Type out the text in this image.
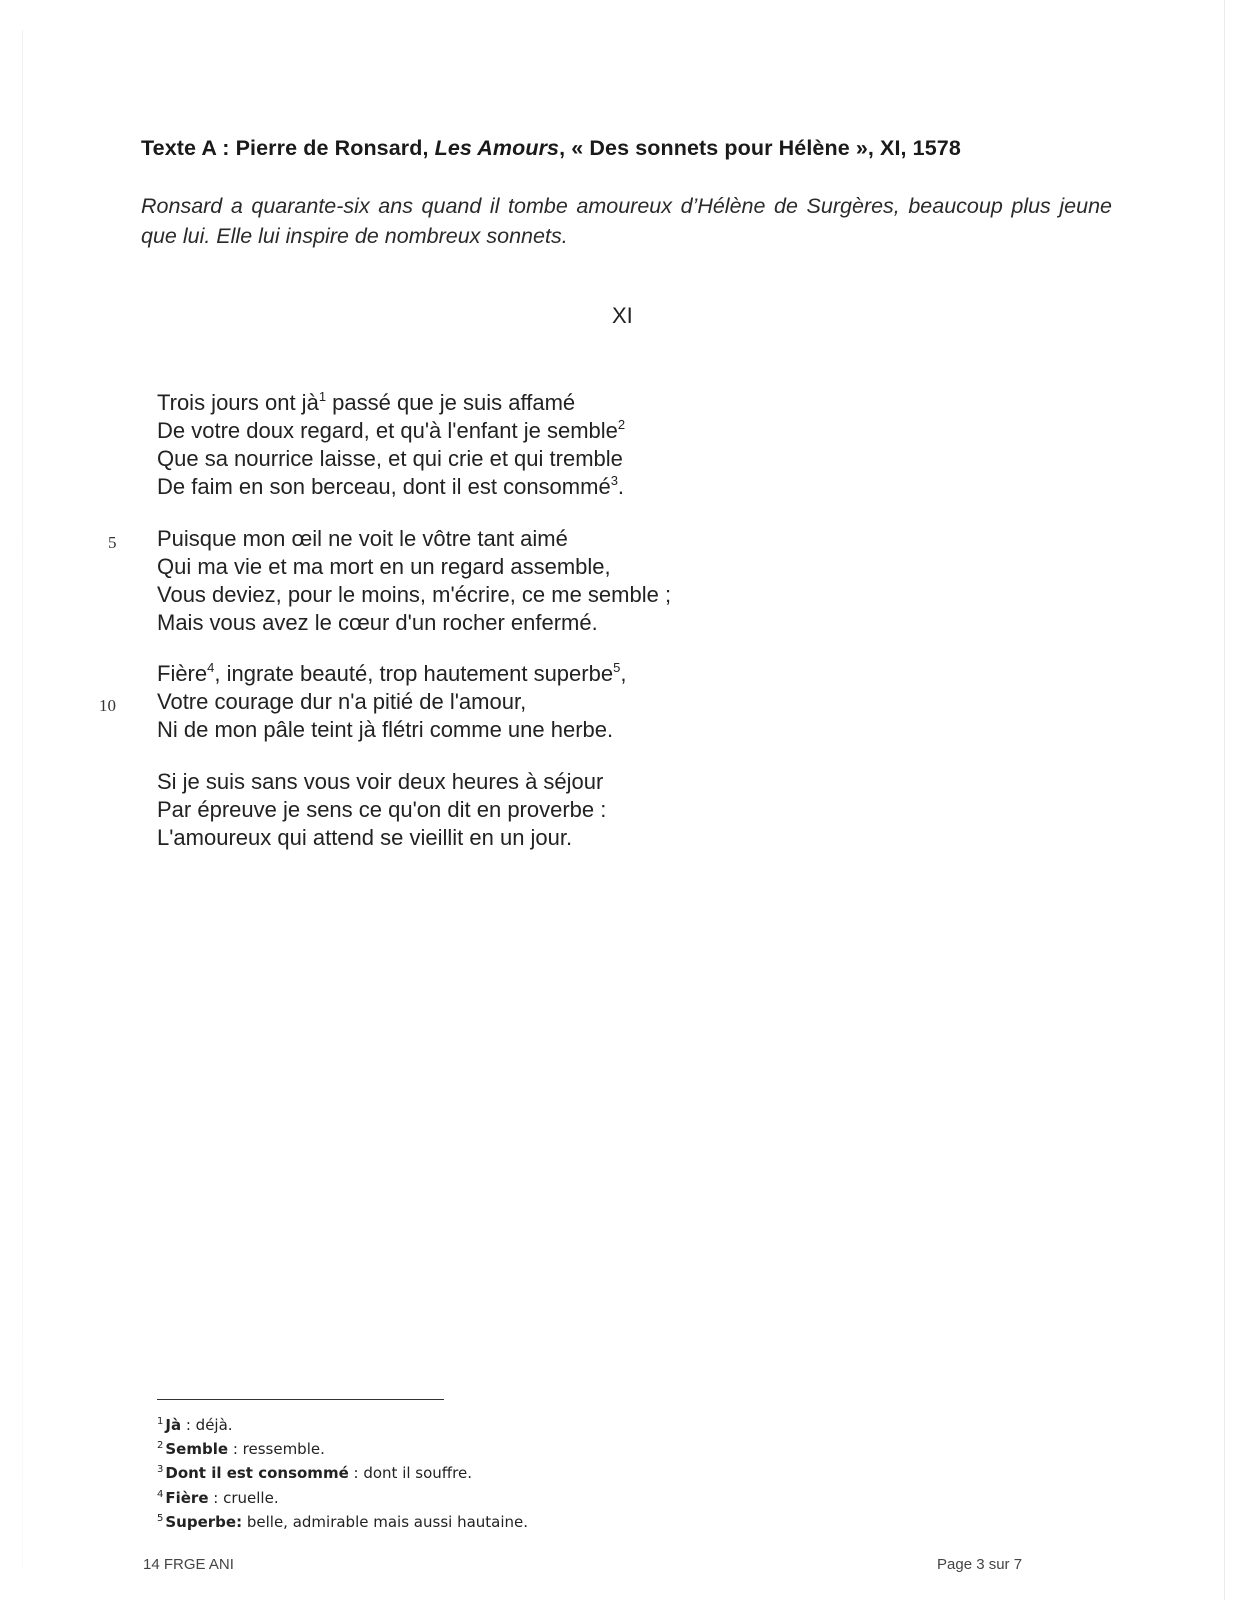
Texte A : Pierre de Ronsard, Les Amours, « Des sonnets pour Hélène », XI, 1578
Ronsard a quarante-six ans quand il tombe amoureux d’Hélène de Surgères, beaucoup plus jeune que lui. Elle lui inspire de nombreux sonnets.
XI
Trois jours ont $jà^1$ passé que je suis affamé
De votre doux regard, et qu'à l'enfant je semble$^2$
Que sa nourrice laisse, et qui crie et qui tremble
De faim en son berceau, dont il est consommé$^3$.
Puisque mon œil ne voit le vôtre tant aimé
Qui ma vie et ma mort en un regard assemble,
Vous deviez, pour le moins, m'écrire, ce me semble ;
Mais vous avez le cœur d'un rocher enfermé.
Fière$^4$, ingrate beauté, trop hautement superbe$^5$,
Votre courage dur n'a pitié de l'amour,
Ni de mon pâle teint jà flétri comme une herbe.
Si je suis sans vous voir deux heures à séjour
Par épreuve je sens ce qu'on dit en proverbe :
L'amoureux qui attend se vieillit en un jour.
5
10
$^1$ Jà : déjà.
$^2$ Semble : ressemble.
$^3$ Dont il est consommé : dont il souffre.
$^4$ Fière : cruelle.
$^5$ Superbe: belle, admirable mais aussi hautaine.
14 FRGE ANI	Page 3 sur 7
